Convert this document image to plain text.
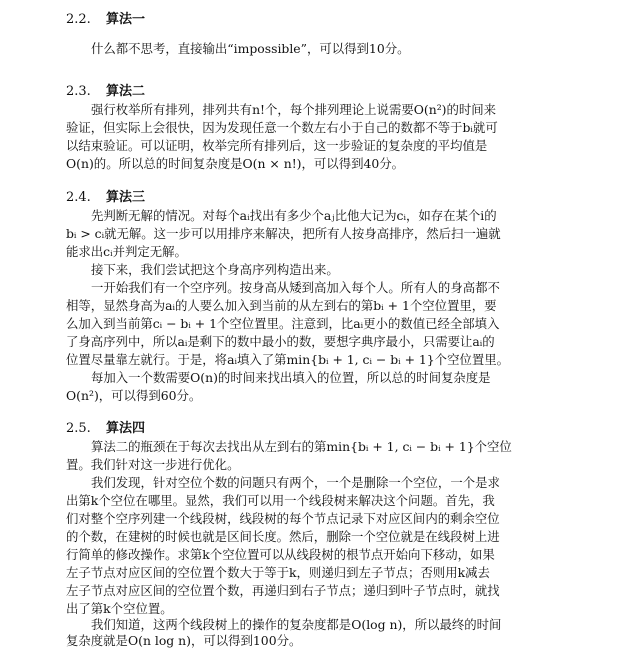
2.2. 算法一
什么都不思考，直接输出“impossible”，可以得到10分。
2.3. 算法二
强行枚举所有排列，排列共有n!个，每个排列理论上说需要O(n²)的时间来
验证，但实际上会很快，因为发现任意一个数左右小于自己的数都不等于bᵢ就可
以结束验证。可以证明，枚举完所有排列后，这一步验证的复杂度的平均值是
O(n)的。所以总的时间复杂度是O(n × n!)，可以得到40分。
2.4. 算法三
先判断无解的情况。对每个aᵢ找出有多少个aⱼ比他大记为cᵢ，如存在某个i的
bᵢ > cᵢ就无解。这一步可以用排序来解决，把所有人按身高排序，然后扫一遍就
能求出cᵢ并判定无解。
接下来，我们尝试把这个身高序列构造出来。
一开始我们有一个空序列。按身高从矮到高加入每个人。所有人的身高都不
相等，显然身高为aᵢ的人要么加入到当前的从左到右的第bᵢ + 1个空位置里，要
么加入到当前第cᵢ − bᵢ + 1个空位置里。注意到，比aᵢ更小的数值已经全部填入
了身高序列中，所以aᵢ是剩下的数中最小的数，要想字典序最小，只需要让aᵢ的
位置尽量靠左就行。于是，将aᵢ填入了第min{bᵢ + 1, cᵢ − bᵢ + 1}个空位置里。
每加入一个数需要O(n)的时间来找出填入的位置，所以总的时间复杂度是
O(n²)，可以得到60分。
2.5. 算法四
算法二的瓶颈在于每次去找出从左到右的第min{bᵢ + 1, cᵢ − bᵢ + 1}个空位
置。我们针对这一步进行优化。
我们发现，针对空位个数的问题只有两个，一个是删除一个空位，一个是求
出第k个空位在哪里。显然，我们可以用一个线段树来解决这个问题。首先，我
们对整个空序列建一个线段树，线段树的每个节点记录下对应区间内的剩余空位
的个数，在建树的时候也就是区间长度。然后，删除一个空位就是在线段树上进
行简单的修改操作。求第k个空位置可以从线段树的根节点开始向下移动，如果
左子节点对应区间的空位置个数大于等于k，则递归到左子节点；否则用k减去
左子节点对应区间的空位置个数，再递归到右子节点；递归到叶子节点时，就找
出了第k个空位置。
我们知道，这两个线段树上的操作的复杂度都是O(log n)，所以最终的时间
复杂度就是O(n log n)，可以得到100分。
